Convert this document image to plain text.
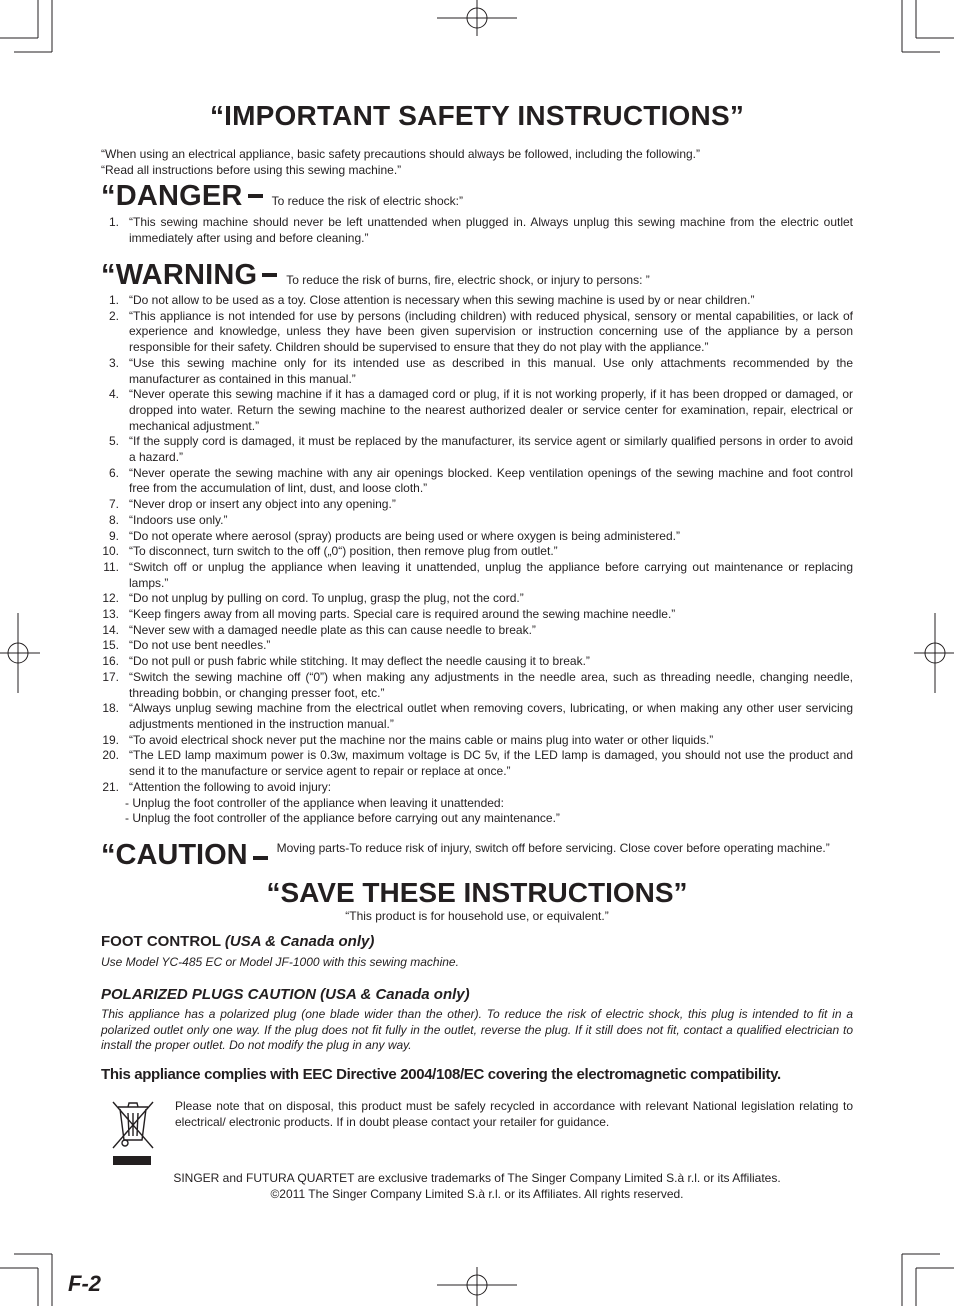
“IMPORTANT SAFETY INSTRUCTIONS”
“When using an electrical appliance, basic safety precautions should always be followed, including the following.”
“Read all instructions before using this sewing machine.”
“DANGER To reduce the risk of electric shock:”
1. “This sewing machine should never be left unattended when plugged in. Always unplug this sewing machine from the electric outlet immediately after using and before cleaning.”
“WARNING To reduce the risk of burns, fire, electric shock, or injury to persons: ”
1. “Do not allow to be used as a toy. Close attention is necessary when this sewing machine is used by or near children.”
2. “This appliance is not intended for use by persons (including children) with reduced physical, sensory or mental capabilities, or lack of experience and knowledge, unless they have been given supervision or instruction concerning use of the appliance by a person responsible for their safety. Children should be supervised to ensure that they do not play with the appliance.”
3. “Use this sewing machine only for its intended use as described in this manual. Use only attachments recommended by the manufacturer as contained in this manual.”
4. “Never operate this sewing machine if it has a damaged cord or plug, if it is not working properly, if it has been dropped or damaged, or dropped into water. Return the sewing machine to the nearest authorized dealer or service center for examination, repair, electrical or mechanical adjustment.”
5. “If the supply cord is damaged, it must be replaced by the manufacturer, its service agent or similarly qualified persons in order to avoid a hazard.”
6. “Never operate the sewing machine with any air openings blocked. Keep ventilation openings of the sewing machine and foot control free from the accumulation of lint, dust, and loose cloth.”
7. “Never drop or insert any object into any opening.”
8. “Indoors use only.”
9. “Do not operate where aerosol (spray) products are being used or where oxygen is being administered.”
10. “To disconnect, turn switch to the off („0“) position, then remove plug from outlet.”
11. “Switch off or unplug the appliance when leaving it unattended, unplug the appliance before carrying out maintenance or replacing lamps.”
12. “Do not unplug by pulling on cord. To unplug, grasp the plug, not the cord.”
13. “Keep fingers away from all moving parts. Special care is required around the sewing machine needle.”
14. “Never sew with a damaged needle plate as this can cause needle to break.”
15. “Do not use bent needles.”
16. “Do not pull or push fabric while stitching. It may deflect the needle causing it to break.”
17. “Switch the sewing machine off (“0”) when making any adjustments in the needle area, such as threading needle, changing needle, threading bobbin, or changing presser foot, etc.”
18. “Always unplug sewing machine from the electrical outlet when removing covers, lubricating, or when making any other user servicing adjustments mentioned in the instruction manual.”
19. “To avoid electrical shock never put the machine nor the mains cable or mains plug into water or other liquids.”
20. “The LED lamp maximum power is 0.3w, maximum voltage is DC 5v, if the LED lamp is damaged, you should not use the product and send it to the manufacture or service agent to repair or replace at once.”
21. “Attention the following to avoid injury:
- Unplug the foot controller of the appliance when leaving it unattended:
- Unplug the foot controller of the appliance before carrying out any maintenance.”
“CAUTION Moving parts-To reduce risk of injury, switch off before servicing. Close cover before operating machine.”
“SAVE THESE INSTRUCTIONS”
“This product is for household use, or equivalent.”
FOOT CONTROL (USA & Canada only)
Use Model YC-485 EC or Model JF-1000 with this sewing machine.
POLARIZED PLUGS CAUTION (USA & Canada only)
This appliance has a polarized plug (one blade wider than the other). To reduce the risk of electric shock, this plug is intended to fit in a polarized outlet only one way. If the plug does not fit fully in the outlet, reverse the plug. If it still does not fit, contact a qualified electrician to install the proper outlet. Do not modify the plug in any way.
This appliance complies with EEC Directive 2004/108/EC covering the electromagnetic compatibility.
Please note that on disposal, this product must be safely recycled in accordance with relevant National legislation relating to electrical/ electronic products. If in doubt please contact your retailer for guidance.
SINGER and FUTURA QUARTET are exclusive trademarks of The Singer Company Limited S.à r.l. or its Affiliates.
©2011 The Singer Company Limited S.à r.l. or its Affiliates. All rights reserved.
F-2
